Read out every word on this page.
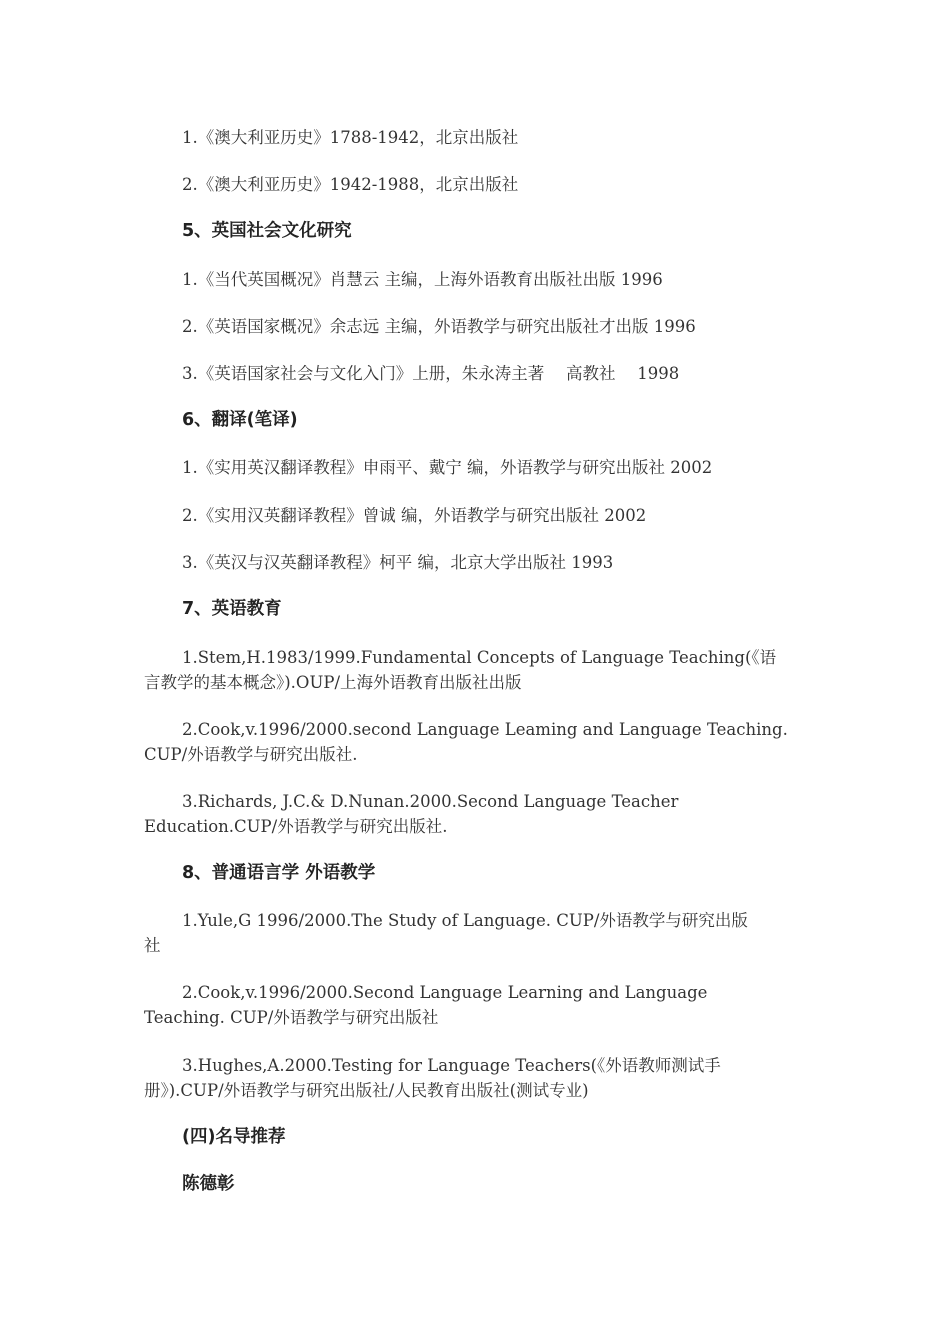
1.《澳大利亚历史》1788-1942，北京出版社

2.《澳大利亚历史》1942-1988，北京出版社

5、英国社会文化研究

1.《当代英国概况》肖慧云 主编，上海外语教育出版社出版 1996

2.《英语国家概况》余志远 主编，外语教学与研究出版社才出版 1996

3.《英语国家社会与文化入门》上册，朱永涛主著　 高教社　 1998

6、翻译(笔译)

1.《实用英汉翻译教程》申雨平、戴宁 编，外语教学与研究出版社 2002

2.《实用汉英翻译教程》曾诚 编，外语教学与研究出版社 2002

3.《英汉与汉英翻译教程》柯平 编，北京大学出版社 1993

7、英语教育

1.Stem,H.1983/1999.Fundamental Concepts of Language Teaching(《语

言教学的基本概念》).OUP/上海外语教育出版社出版

2.Cook,v.1996/2000.second Language Leaming and Language Teaching.

CUP/外语教学与研究出版社.

3.Richards, J.C.& D.Nunan.2000.Second Language Teacher

Education.CUP/外语教学与研究出版社.

8、普通语言学 外语教学

1.Yule,G 1996/2000.The Study of Language. CUP/外语教学与研究出版

社

2.Cook,v.1996/2000.Second Language Learning and Language

Teaching. CUP/外语教学与研究出版社

3.Hughes,A.2000.Testing for Language Teachers(《外语教师测试手

册》).CUP/外语教学与研究出版社/人民教育出版社(测试专业)

(四)名导推荐

陈德彰
